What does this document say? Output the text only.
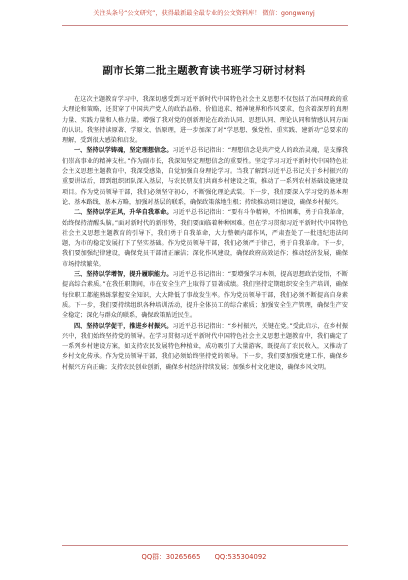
关注头条号“公文研究”，获得最新最全最专业的公文资料库！ 微信：gongwenyj
副市长第二批主题教育读书班学习研讨材料

在这次主题教育学习中，我深切感受到习近平新时代中国特色社会主义思想不仅包括了治国理政的重大理论和策略，还贯穿了中国共产党人的政治品格、价值追求、精神境界和作风要求，包含着深厚的真理力量、实践力量和人格力量。增强了我对党的创新理论在政治认同、思想认同、理论认同和情感认同方面的认识。我坚持读原著、学原文、悟原理，进一步加深了对“学思想、强党性、重实践、建新功”总要求的理解，受到很大感染和启发。

一、坚持以学铸魂，坚定理想信念。习近平总书记指出：“理想信念是共产党人的政治灵魂，是支撑我们崇高事业的精神支柱。”作为副市长，我深知坚定理想信念的重要性。坚定学习习近平新时代中国特色社会主义思想主题教育中，我深受感染，自觉加强自身理论学习。当我了解到习近平总书记关于乡村振兴的重要讲话后，即到组织团队深入基层，与农民朋友们共商乡村建设之策，推动了一系列农村基础设施建设项目。作为党员领导干部，我们必须坚守初心，不断强化理论武装。下一步，我们要深入学习党的基本理论、基本路线、基本方略，加强对基层的联系，确保政策落地生根；持续推动项目建设，确保乡村振兴。

二、坚持以学正风，升华自我革命。习近平总书记指出：“要有斗争精神，不怕困难，勇于自我革命，始终保持清醒头脑。”面对新时代的新形势，我们要面临着种种困难。但在学习贯彻习近平新时代中国特色社会主义思想主题教育的引导下，我们勇于自我革命，大力整顿内部作风，严肃查处了一批违纪违法问题，为市的稳定发展打下了坚实基础。作为党员领导干部，我们必须严于律己，勇于自我革命。下一步，我们要加强纪律建设，确保党员干部清正廉洁；深化作风建设，确保政府高效运作；推动经济发展，确保市场持续繁荣。

三、坚持以学增智，提升履职能力。习近平总书记指出：“要增强学习本领，提高思想政治觉悟，不断提高综合素质。”在我任职期间，市在安全生产上取得了显著成绩。我们坚持定期组织安全生产培训，确保每位职工都能熟练掌握安全知识，大大降低了事故发生率。作为党员领导干部，我们必须不断提高自身素质。下一步，我们要持续组织各种培训活动，提升全体员工的综合素质；加强安全生产管理，确保生产安全稳定；深化与群众的联系，确保政策贴近民生。

四、坚持以学促干，推进乡村振兴。习近平总书记指出：“乡村振兴，关键在党。”受此启示，在乡村振兴中，我们始终坚持党的领导。在学习贯彻习近平新时代中国特色社会主义思想主题教育中，我们确定了一系列乡村建设方案，如支持农民发展特色种植业，成功吸引了大量游客，既提高了农民收入，又推动了乡村文化传承。作为党员领导干部，我们必须始终坚持党的领导。下一步，我们要加强党建工作，确保乡村振兴方向正确；支持农民创业创新，确保乡村经济持续发展；加强乡村文化建设，确保乡风文明。

QQ群：30265665 QQ:535304092
